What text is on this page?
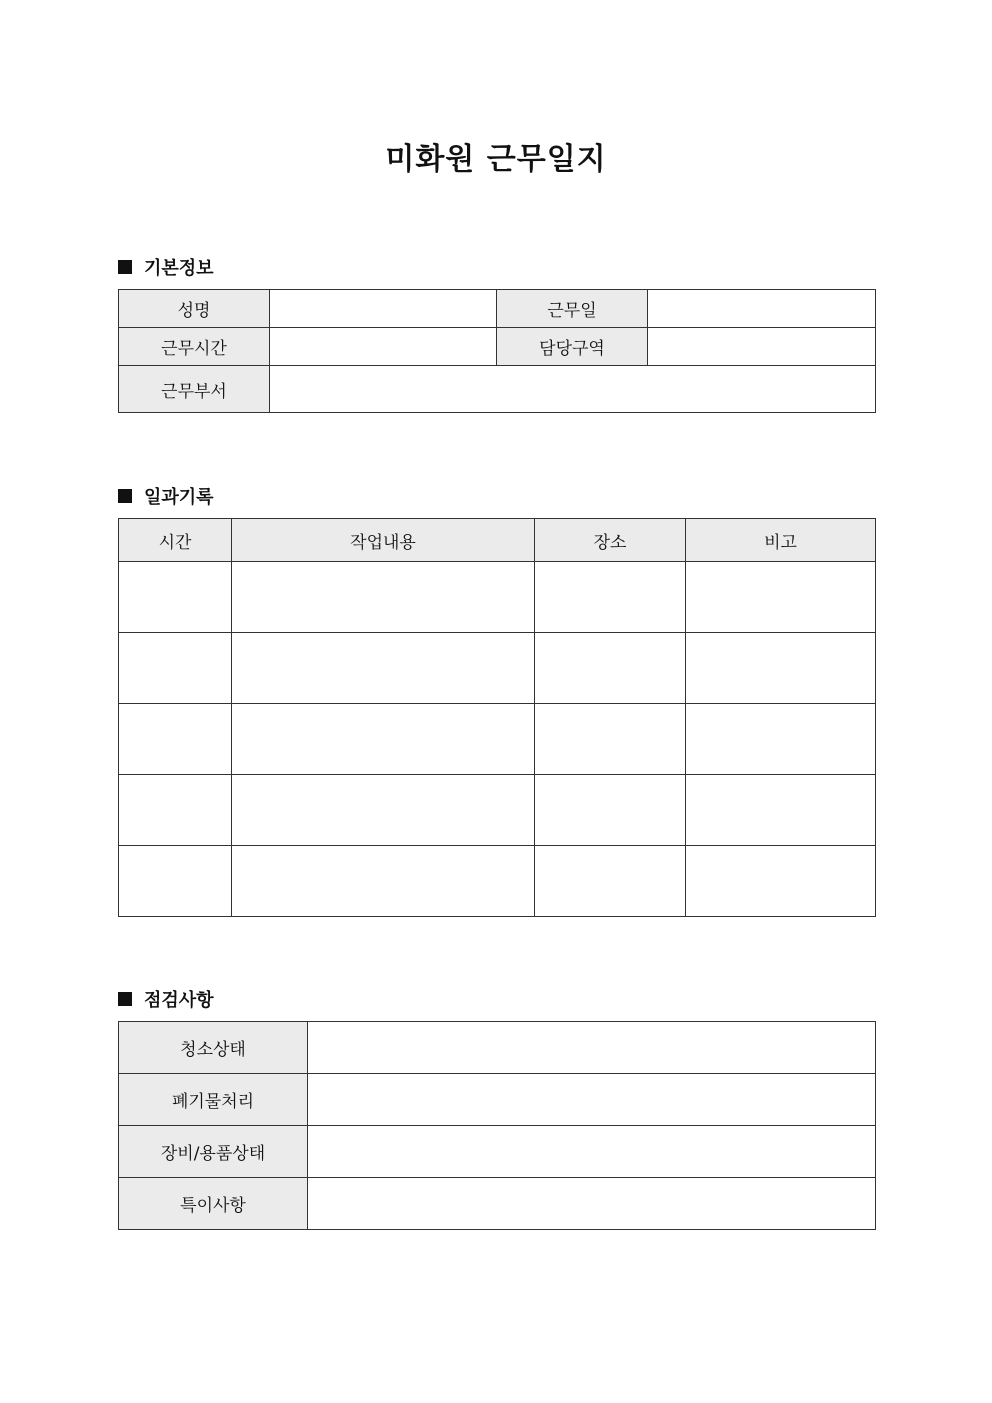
미화원 근무일지
기본정보
성명		근무일	
근무시간		담당구역	
근무부서			
일과기록
시간	작업내용	장소	비고

점검사항
청소상태	
폐기물처리	
장비/용품상태	
특이사항	
